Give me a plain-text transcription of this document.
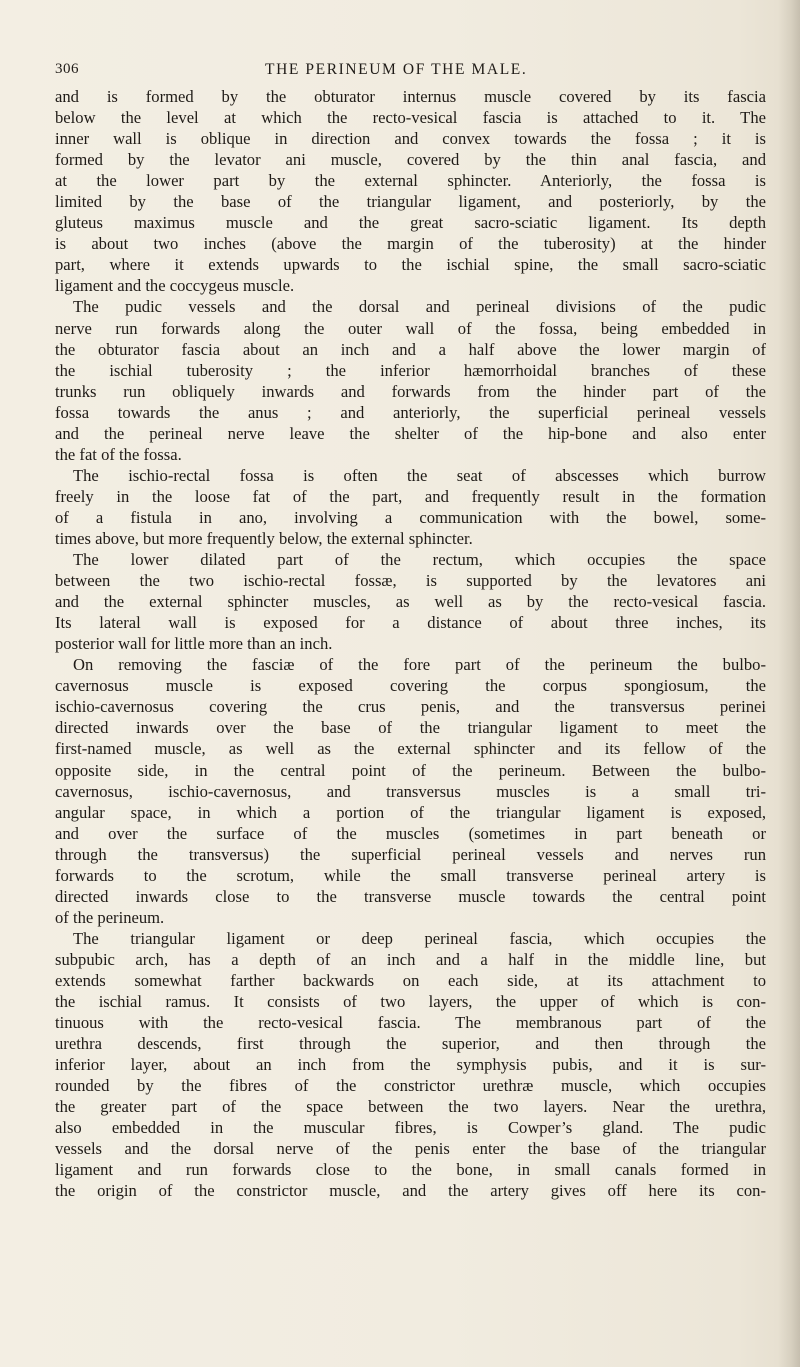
306	THE PERINEUM OF THE MALE.
and is formed by the obturator internus muscle covered by its fascia
below the level at which the recto-vesical fascia is attached to it. The
inner wall is oblique in direction and convex towards the fossa ; it is
formed by the levator ani muscle, covered by the thin anal fascia, and
at the lower part by the external sphincter. Anteriorly, the fossa is
limited by the base of the triangular ligament, and posteriorly, by the
gluteus maximus muscle and the great sacro-sciatic ligament. Its depth
is about two inches (above the margin of the tuberosity) at the hinder
part, where it extends upwards to the ischial spine, the small sacro-sciatic
ligament and the coccygeus muscle.
The pudic vessels and the dorsal and perineal divisions of the pudic
nerve run forwards along the outer wall of the fossa, being embedded in
the obturator fascia about an inch and a half above the lower margin of
the ischial tuberosity ; the inferior hæmorrhoidal branches of these
trunks run obliquely inwards and forwards from the hinder part of the
fossa towards the anus ; and anteriorly, the superficial perineal vessels
and the perineal nerve leave the shelter of the hip-bone and also enter
the fat of the fossa.
The ischio-rectal fossa is often the seat of abscesses which burrow
freely in the loose fat of the part, and frequently result in the formation
of a fistula in ano, involving a communication with the bowel, some-
times above, but more frequently below, the external sphincter.
The lower dilated part of the rectum, which occupies the space
between the two ischio-rectal fossæ, is supported by the levatores ani
and the external sphincter muscles, as well as by the recto-vesical fascia.
Its lateral wall is exposed for a distance of about three inches, its
posterior wall for little more than an inch.
On removing the fasciæ of the fore part of the perineum the bulbo-
cavernosus muscle is exposed covering the corpus spongiosum, the
ischio-cavernosus covering the crus penis, and the transversus perinei
directed inwards over the base of the triangular ligament to meet the
first-named muscle, as well as the external sphincter and its fellow of the
opposite side, in the central point of the perineum. Between the bulbo-
cavernosus, ischio-cavernosus, and transversus muscles is a small tri-
angular space, in which a portion of the triangular ligament is exposed,
and over the surface of the muscles (sometimes in part beneath or
through the transversus) the superficial perineal vessels and nerves run
forwards to the scrotum, while the small transverse perineal artery is
directed inwards close to the transverse muscle towards the central point
of the perineum.
The triangular ligament or deep perineal fascia, which occupies the
subpubic arch, has a depth of an inch and a half in the middle line, but
extends somewhat farther backwards on each side, at its attachment to
the ischial ramus. It consists of two layers, the upper of which is con-
tinuous with the recto-vesical fascia. The membranous part of the
urethra descends, first through the superior, and then through the
inferior layer, about an inch from the symphysis pubis, and it is sur-
rounded by the fibres of the constrictor urethræ muscle, which occupies
the greater part of the space between the two layers. Near the urethra,
also embedded in the muscular fibres, is Cowper’s gland. The pudic
vessels and the dorsal nerve of the penis enter the base of the triangular
ligament and run forwards close to the bone, in small canals formed in
the origin of the constrictor muscle, and the artery gives off here its con-
